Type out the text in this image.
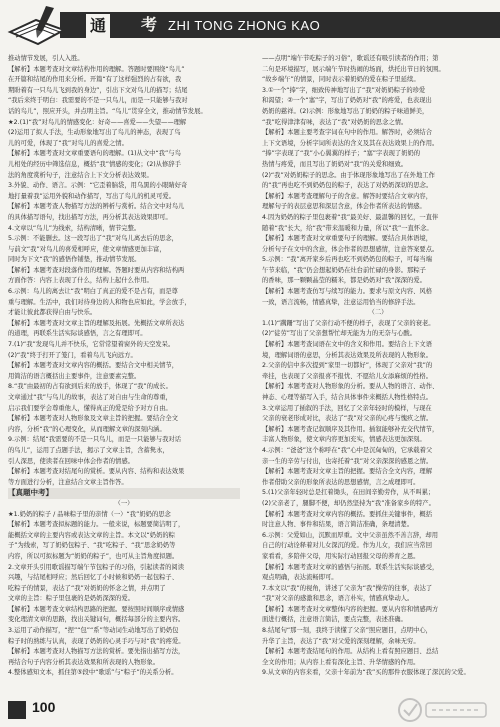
通 考 ZHI TONG ZHONG KAO

推动情节发展，引人入胜。

【解析】本题考查对文章结构作用的理解。答题时要围绕“鸟儿”

在开篇和结尾的作用来分析。开篇“有了这样强烈的占有欲，我

期盼着有一只鸟儿飞到我的身边”，引出下文对鸟儿的描写；结尾

“我后来终于明白：我需要的不是一只鸟儿，而是一只能够与我对

话的鸟儿”，照应开头，并点明主旨。“鸟儿”贯穿全文，推动情节发展。

★2.(1)“我”对鸟儿的情感变化：好奇——喜爱——失望——理解

(2)运用了拟人手法，生动形象地写出了鸟儿的神态，表现了鸟

儿的可爱，体现了“我”对鸟儿的喜爱之情。

【解析】本题考查对文章重要语句的理解。(1)从文中“我”与鸟

儿相处的经历中筛选信息，概括“我”情感的变化；(2)从修辞手

法的角度赏析句子，注意结合上下文分析表达效果。

3.外貌、动作、语言。示例：“它歪着脑袋，用乌黑的小眼睛好奇

地打量着我”运用外貌和动作描写，写出了鸟儿的机灵可爱。

【解析】本题考查人物描写方法的辨析与赏析。结合文中对鸟儿

的具体描写语句，找出描写方法，再分析其表达效果即可。

4.文章以“鸟儿”为线索，结构清晰，情节完整。

5.示例：不能删去。这一段写出了“我”对鸟儿离去后的思念，

与前文“我”对鸟儿的喜爱相呼应，使文章情感更加丰富，

同时为下文“我”的感悟作铺垫，推动情节发展。

【解析】本题考查对段落作用的理解。答题时要从内容和结构两

方面作答：内容上表现了什么，结构上起什么作用。

6.示例：鸟儿的离去让“我”明白了真正的爱不是占有，而是尊

重与理解。生活中，我们对待身边的人和物也应如此，学会放手，

才能让彼此都获得自由与快乐。

【解析】本题考查对文章主旨的理解及拓展。先概括文章所表达

的道理，再联系生活实际谈感悟，言之有理即可。

7.(1)“我”发现鸟儿并不快乐，它常常望着窗外的天空发呆。

(2)“我”终于打开了笼门，看着鸟儿飞向远方。

【解析】本题考查对文章内容的概括。要结合文中相关情节，

用简洁的语言概括出主要事件，注意要素完整。

8.“我”由最初的占有欲到后来的放手，体现了“我”的成长。

文章通过“我”与鸟儿的故事，表达了对自由与生命的尊重，

启示我们要学会尊重他人，懂得真正的爱是给予对方自由。

【解析】本题考查对人物形象及文章主旨的把握。要结合全文

内容，分析“我”的心理变化，从而理解文章的深刻内涵。

9.示例：结尾“我需要的不是一只鸟儿，而是一只能够与我对话

的鸟儿”，运用了点题手法，揭示了文章主旨，含蓄隽永，

引人深思，使读者在回味中体会作者的情感。

【解析】本题考查对结尾句的赏析。要从内容、结构和表达效果

等方面进行分析，注意结合文章主旨作答。

【真题中考】

（一）

★1.奶奶的粽子 / 品味粽子里的亲情（一）“我”奶奶的思念

【解析】本题考查拟标题的能力。一般来说，标题要简洁明了，

能概括文章的主要内容或表达文章的主旨。本文以“奶奶的粽

子”为线索，写了奶奶包粽子、“我”吃粽子、“我”思念奶奶等

内容，所以可拟标题为“奶奶的粽子”，也可从主旨角度拟题。

2.文章开头引用歌谣描写端午节包粽子的习俗，引起读者的阅读

兴趣，与结尾相呼应；然后回忆了小时候和奶奶一起包粽子、

吃粽子的情景，表达了“我”对奶奶的怀念之情，并点明了

文章的主旨：粽子里包裹的是奶奶深深的爱。

【解析】本题考查文章结构思路的把握。要按照时间顺序或情感

变化理清文章的思路，找出关键词句，概括每部分的主要内容。

3.运用了动作描写，“捏”“包”“系”等动词生动地写出了奶奶包

粽子时的熟练与认真，表现了奶奶的心灵手巧与对“我”的疼爱。

【解析】本题考查对人物描写方法的赏析。要先指出描写方法，

再结合句子内容分析其表达效果和所表现的人物形象。

4.整体感知文本，抓住第⑤段中“歌谣”与“粽子”的关系分析。

——点明“端午节吃粽子的习俗”，歌谣还有吸引读者的作用；第

二句是环境描写，展示端午节时热闹的场面，烘托出节日的氛围。

“故乡端午”的情景，同时表示着奶奶的爱在粽子里延续。

3.①一个“捧”字，细致传神地写出了“我”对奶奶粽子的珍爱

和渴望；②一个“塞”字，写出了奶奶对“我”的疼爱，也表现出

奶奶的慈祥。(2)示例：形象地写出了奶奶的粽子味道鲜美，

“我”吃得津津有味，表达了“我”对奶奶的思念之情。

【解析】本题主要考查字词在句中的作用。解答时，必须结合

上下文语境，分析字词所表达的含义及其在表达效果上的作用。

“捧”字表现了“我”小心翼翼的样子；“塞”字表现了奶奶的

热情与疼爱，而且写出了奶奶对“我”的关爱和细致。

(2)“我”对奶奶粽子的思念。由于体现形象地写出了在外地工作

的“我”再也吃不到奶奶包的粽子，表达了对奶奶深切的思念。

【解析】本题考查理解句子的含意。解答时要结合文章内容，

理解句子的表层意思和深层含意，体会作者所表达的情感。

4.因为奶奶的粽子里包裹着“我”最美好、最温馨的回忆，一直伴

随着“我”长大，给“我”带来温暖和力量，所以“我”一直怀念。

【解析】本题考查对文章重要句子的理解。要结合具体语境，

分析句子在文中的含意，体会作者的思想感情，注意答案要点。

5.示例：“我”离开家乡后再也吃不到奶奶包的粽子，可每当端

午节来临，“我”仍会想起奶奶在灶台前忙碌的身影。那粽子

的香味，那一颗颗晶莹的糯米，都是奶奶对“我”深深的爱。

【解析】本题考查仿写与续写的能力。要求与原文内容、风格

一致，语言流畅，情感真挚，注意运用恰当的修辞手法。

（二）

1.(1)“蹒跚”写出了父亲行动不便的样子，表现了父亲的衰老。

(2)“徒劳”写出了父亲想帮忙却无能为力的无奈与心酸。

【解析】本题考查词语在文中的含义和作用。要结合上下文语

境，理解词语的意思，分析其表达效果及所表现的人物形象。

2.父亲的信中多次提到“家里一切都好”，体现了父亲对“我”的

牵挂，也表现了父亲报喜不报忧、不愿给儿女添麻烦的性格。

【解析】本题考查对人物形象的分析。要从人物的语言、动作、

神态、心理等描写入手，结合具体事件来概括人物性格特点。

3.文章运用了插叙的手法，回忆了父亲年轻时的模样，与现在

父亲的衰老形成对比，表达了“我”对父亲的心疼与愧疚之情。

【解析】本题考查记叙顺序及其作用。插叙能够补充交代情节，

丰富人物形象，使文章内容更加充实，情感表达更加深刻。

4.示例：“爸爸”这个称呼在“我”心中是沉甸甸的，它承载着父

亲一生的辛劳与付出，也寄托着“我”对父亲深深的感恩之情。

【解析】本题考查对文章主旨的把握。要结合全文内容，理解

作者借助父亲的形象所表达的思想感情，言之成理即可。

5.(1)父亲年轻时总是扛着锄头，在田间辛勤劳作，从不叫累；

(2)父亲老了，腿脚不便，却仍然坚持为“我”准备家乡的特产。

【解析】本题考查对文章内容的概括。要抓住关键事件，概括

时注意人物、事件和结果，语言简洁准确，条理清楚。

6.示例：父爱如山，沉默而厚重。文中父亲虽然不善言辞，却用

自己的行动诠释着对儿女深沉的爱。作为儿女，我们应当常回

家看看，多陪伴父母，用实际行动回报父母的养育之恩。

【解析】本题考查对文章的感悟与拓展。联系生活实际谈感受，

观点明确，表达流畅即可。

7.本文以“我”的视角，讲述了父亲为“我”操劳的往事，表达了

“我”对父亲的感激和思念，语言朴实，情感真挚动人。

【解析】本题考查对文章整体内容的把握。要从内容和情感两方

面进行概括，注意语言简洁，要点完整，表述准确。

8.结尾句“那一刻，我终于读懂了父亲”照应题目，点明中心，

升华了主旨，表达了“我”对父爱的深刻理解，余味无穷。

【解析】本题考查结尾句的作用。从结构上看有照应题目、总结

全文的作用；从内容上看有深化主旨、升华情感的作用。

9.从文章的内容来看，父亲十年前为“我”买的那件衣服体现了深沉的父爱。

100
